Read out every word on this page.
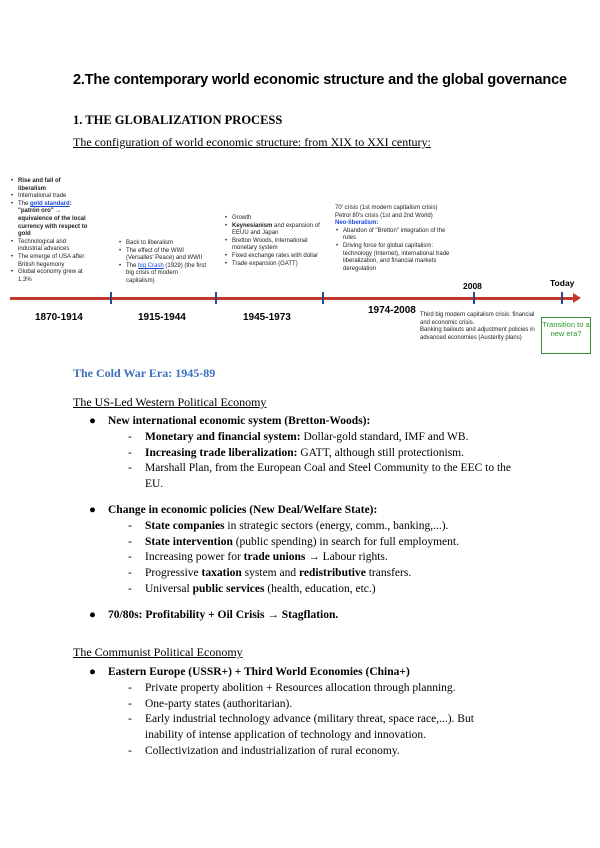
2.The contemporary world economic structure and the global governance
1. THE GLOBALIZATION PROCESS
The configuration of world economic structure: from XIX to XXI century:
• Rise and fall of liberalism
• International trade
• The gold standard: "patrón oro" → equivalence of the local currency with respect to gold
• Technological and industrial advances
• The emerge of USA after British hegemony
• Global economy grew at 1.3%
• Back to liberalism
• The effect of the WWI (Versalles' Peace) and WWII
• The big Crash (1929) (the first big crisis of modern capitalism)
• Growth
• Keynesianism and expansion of EEUU and Japan
• Bretton Woods, international monetary system
• Fixed exchange rates with dollar
• Trade expansion (GATT)
70' crisis (1st modern capitalism crisis)
Petrol 80's crisis (1st and 2nd World)
Neo-liberalism:
• Abandon of "Bretton" integration of the rules
• Driving force for global capitalism: technology (Internet), international trade liberalization, and financial markets deregulation
Third big modern capitalism crisis: financial and economic crisis.
Banking bailouts and adjustment policies in advanced economies (Austerity plans)
1870-1914	1915-1944	1945-1973
1974-2008
2008	Today
Transition to a new era?
The Cold War Era: 1945-89
The US-Led Western Political Economy
● New international economic system (Bretton-Woods):
- Monetary and financial system: Dollar-gold standard, IMF and WB.
- Increasing trade liberalization: GATT, although still protectionism.
- Marshall Plan, from the European Coal and Steel Community to the EEC to the EU.
● Change in economic policies (New Deal/Welfare State):
- State companies in strategic sectors (energy, comm., banking,...).
- State intervention (public spending) in search for full employment.
- Increasing power for trade unions → Labour rights.
- Progressive taxation system and redistributive transfers.
- Universal public services (health, education, etc.)
● 70/80s: Profitability + Oil Crisis → Stagflation.
The Communist Political Economy
● Eastern Europe (USSR+) + Third World Economies (China+)
- Private property abolition + Resources allocation through planning.
- One-party states (authoritarian).
- Early industrial technology advance (military threat, space race,...). But inability of intense application of technology and innovation.
- Collectivization and industrialization of rural economy.
